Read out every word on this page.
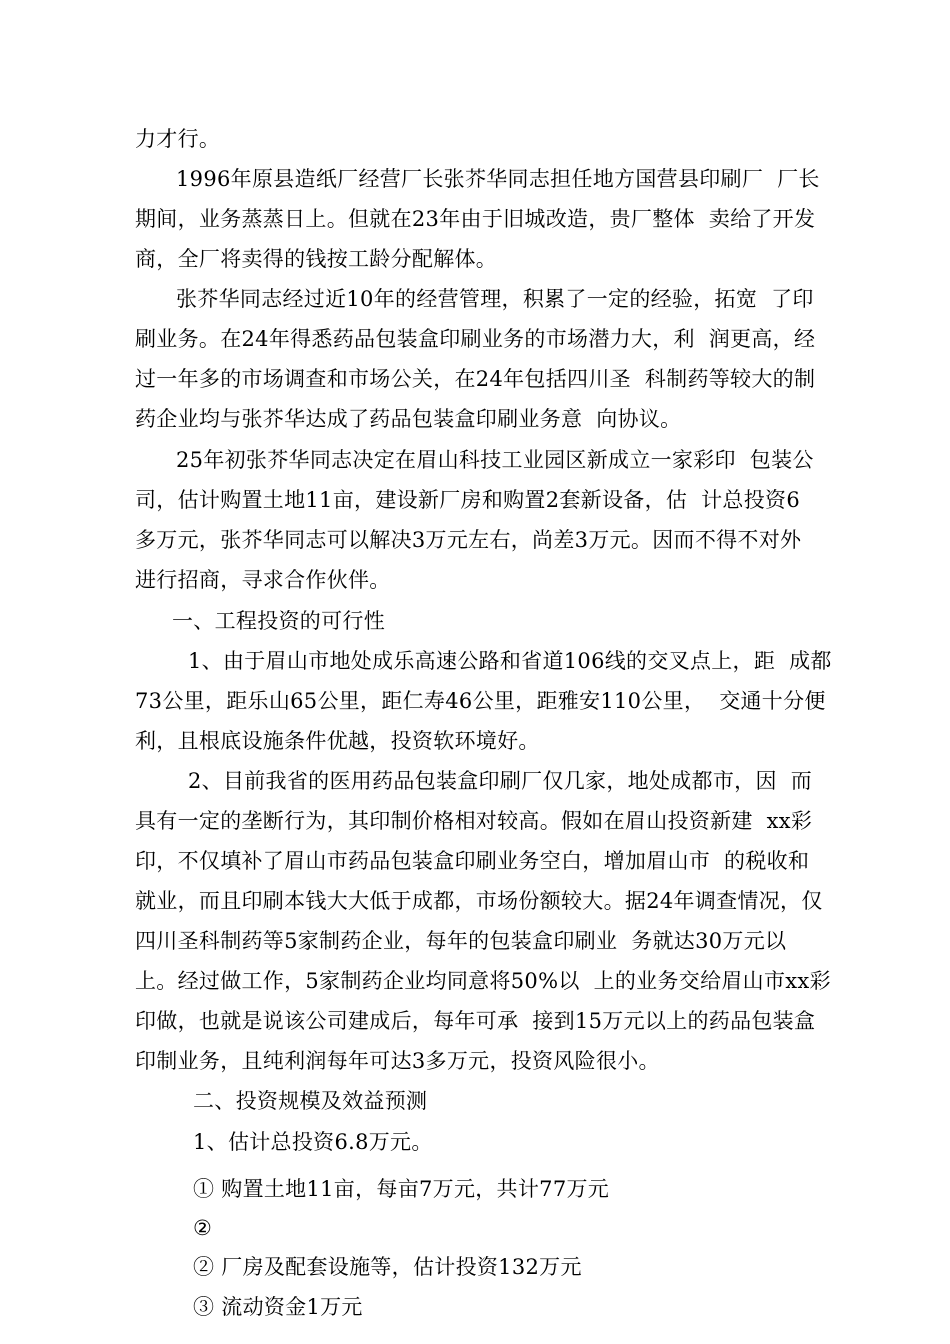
力才行。
1996年原县造纸厂经营厂长张芥华同志担任地方国营县印刷厂  厂长
期间，业务蒸蒸日上。但就在23年由于旧城改造，贵厂整体  卖给了开发
商，全厂将卖得的钱按工龄分配解体。
张芥华同志经过近10年的经营管理，积累了一定的经验，拓宽  了印
刷业务。在24年得悉药品包装盒印刷业务的市场潜力大，利  润更高，经
过一年多的市场调查和市场公关，在24年包括四川圣  科制药等较大的制
药企业均与张芥华达成了药品包装盒印刷业务意  向协议。
25年初张芥华同志决定在眉山科技工业园区新成立一家彩印  包装公
司，估计购置土地11亩，建设新厂房和购置2套新设备，估  计总投资6
多万元，张芥华同志可以解决3万元左右，尚差3万元。因而不得不对外
进行招商，寻求合作伙伴。
一、工程投资的可行性
1、由于眉山市地处成乐高速公路和省道106线的交叉点上，距  成都
73公里，距乐山65公里，距仁寿46公里，距雅安110公里，  交通十分便
利，且根底设施条件优越，投资软环境好。
2、目前我省的医用药品包装盒印刷厂仅几家，地处成都市，因  而
具有一定的垄断行为，其印制价格相对较高。假如在眉山投资新建  xx彩
印，不仅填补了眉山市药品包装盒印刷业务空白，增加眉山市  的税收和
就业，而且印刷本钱大大低于成都，市场份额较大。据24年调查情况，仅
四川圣科制药等5家制药企业，每年的包装盒印刷业  务就达30万元以
上。经过做工作，5家制药企业均同意将50%以  上的业务交给眉山市xx彩
印做，也就是说该公司建成后，每年可承  接到15万元以上的药品包装盒
印制业务，且纯利润每年可达3多万元，投资风险很小。
二、投资规模及效益预测
1、估计总投资6.8万元。
① 购置土地11亩，每亩7万元，共计77万元
②
② 厂房及配套设施等，估计投资132万元
③ 流动资金1万元
